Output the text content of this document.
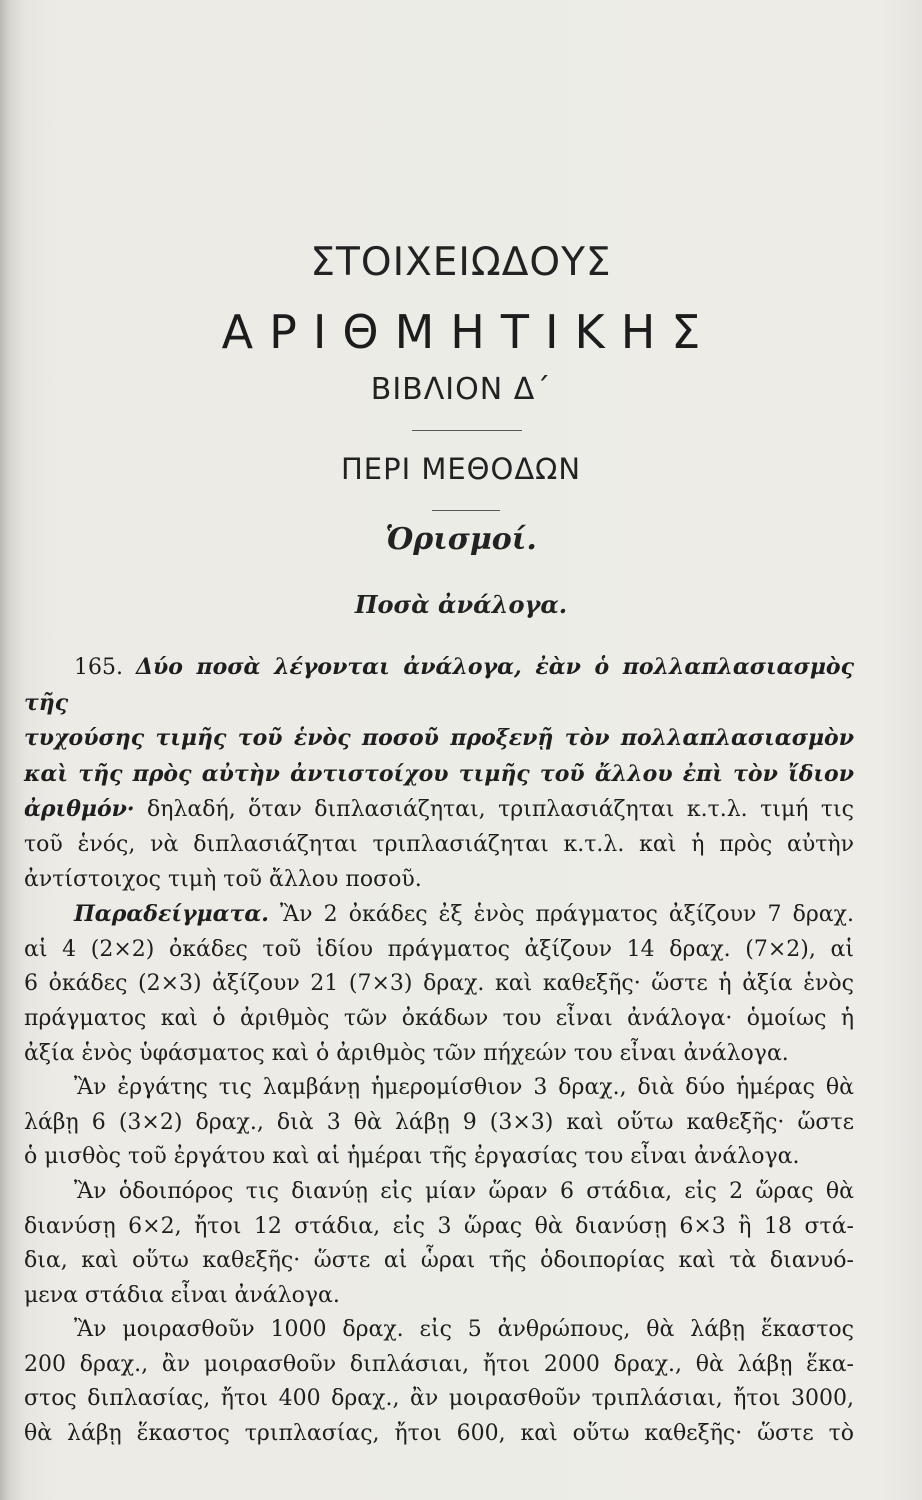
ΣΤΟΙΧΕΙΩΔΟΥΣ
ΑΡΙΘΜΗΤΙΚΗΣ
ΒΙΒΛΙΟΝ Δ΄
ΠΕΡΙ ΜΕΘΟΔΩΝ
Ὁρισμοί.
Ποσὰ ἀνάλογα.

165. Δύο ποσὰ λέγονται ἀνάλογα, ἐὰν ὁ πολλαπλασιασμὸς τῆς

τυχούσης τιμῆς τοῦ ἑνὸς ποσοῦ προξενῇ τὸν πολλαπλασιασμὸν

καὶ τῆς πρὸς αὐτὴν ἀντιστοίχου τιμῆς τοῦ ἄλλου ἐπὶ τὸν ἴδιον

ἀριθμόν· δηλαδή, ὅταν διπλασιάζηται, τριπλασιάζηται κ.τ.λ. τιμή τις

τοῦ ἑνός, νὰ διπλασιάζηται τριπλασιάζηται κ.τ.λ. καὶ ἡ πρὸς αὐτὴν

ἀντίστοιχος τιμὴ τοῦ ἄλλου ποσοῦ.

Παραδείγματα. Ἂν 2 ὀκάδες ἐξ ἑνὸς πράγματος ἀξίζουν 7 δραχ.

αἱ 4 (2×2) ὀκάδες τοῦ ἰδίου πράγματος ἀξίζουν 14 δραχ. (7×2), αἱ

6 ὀκάδες (2×3) ἀξίζουν 21 (7×3) δραχ. καὶ καθεξῆς· ὥστε ἡ ἀξία ἑνὸς

πράγματος καὶ ὁ ἀριθμὸς τῶν ὀκάδων του εἶναι ἀνάλογα· ὁμοίως ἡ

ἀξία ἑνὸς ὑφάσματος καὶ ὁ ἀριθμὸς τῶν πήχεών του εἶναι ἀνάλογα.

Ἂν ἐργάτης τις λαμβάνῃ ἡμερομίσθιον 3 δραχ., διὰ δύο ἡμέρας θὰ

λάβῃ 6 (3×2) δραχ., διὰ 3 θὰ λάβῃ 9 (3×3) καὶ οὕτω καθεξῆς· ὥστε

ὁ μισθὸς τοῦ ἐργάτου καὶ αἱ ἡμέραι τῆς ἐργασίας του εἶναι ἀνάλογα.

Ἂν ὁδοιπόρος τις διανύῃ εἰς μίαν ὥραν 6 στάδια, εἰς 2 ὥρας θὰ

διανύσῃ 6×2, ἤτοι 12 στάδια, εἰς 3 ὥρας θὰ διανύσῃ 6×3 ἢ 18 στά-

δια, καὶ οὕτω καθεξῆς· ὥστε αἱ ὧραι τῆς ὁδοιπορίας καὶ τὰ διανυό-

μενα στάδια εἶναι ἀνάλογα.

Ἂν μοιρασθοῦν 1000 δραχ. εἰς 5 ἀνθρώπους, θὰ λάβῃ ἕκαστος

200 δραχ., ἂν μοιρασθοῦν διπλάσιαι, ἤτοι 2000 δραχ., θὰ λάβῃ ἕκα-

στος διπλασίας, ἤτοι 400 δραχ., ἂν μοιρασθοῦν τριπλάσιαι, ἤτοι 3000,

θὰ λάβῃ ἕκαστος τριπλασίας, ἤτοι 600, καὶ οὕτω καθεξῆς· ὥστε τὸ
